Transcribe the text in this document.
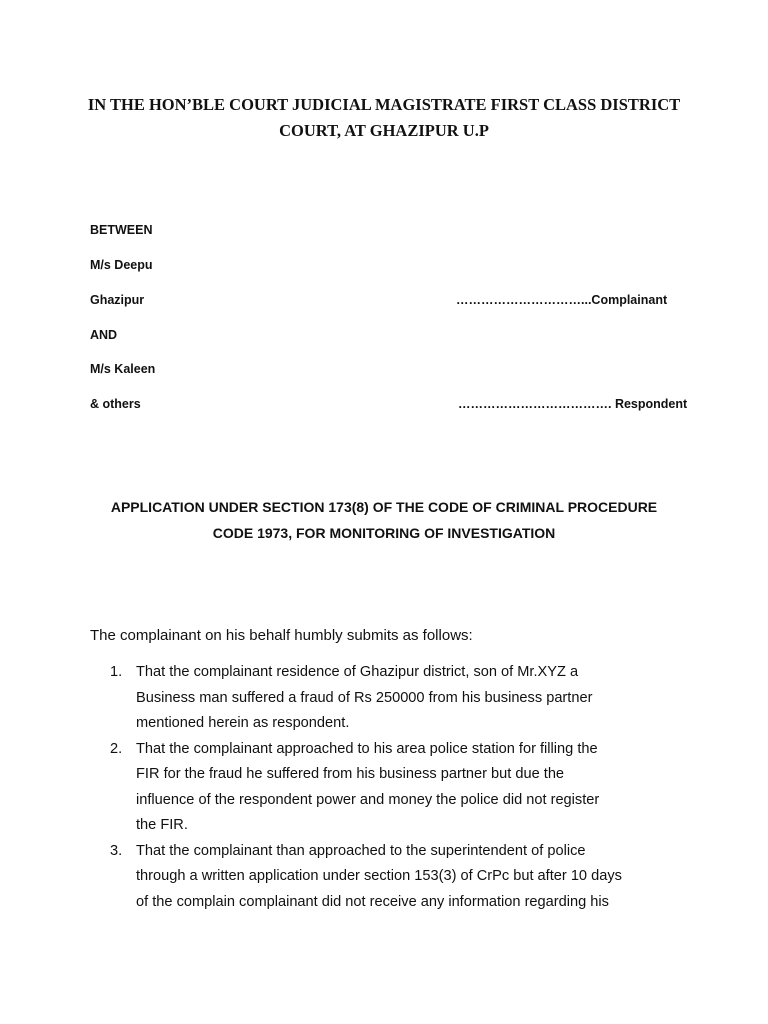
IN THE HON’BLE COURT JUDICIAL MAGISTRATE FIRST CLASS DISTRICT
COURT, AT GHAZIPUR U.P
BETWEEN
M/s Deepu
Ghazipur	…………………………...Complainant
AND
M/s Kaleen
& others	………………………………. Respondent
APPLICATION UNDER SECTION 173(8) OF THE CODE OF CRIMINAL PROCEDURE
CODE 1973, FOR MONITORING OF INVESTIGATION

The complainant on his behalf humbly submits as follows:

1. That the complainant residence of Ghazipur district, son of Mr.XYZ a
Business man suffered a fraud of Rs 250000 from his business partner
mentioned herein as respondent.
2. That the complainant approached to his area police station for filling the
FIR for the fraud he suffered from his business partner but due the
influence of the respondent power and money the police did not register
the FIR.
3. That the complainant than approached to the superintendent of police
through a written application under section 153(3) of CrPc but after 10 days
of the complain complainant did not receive any information regarding his
